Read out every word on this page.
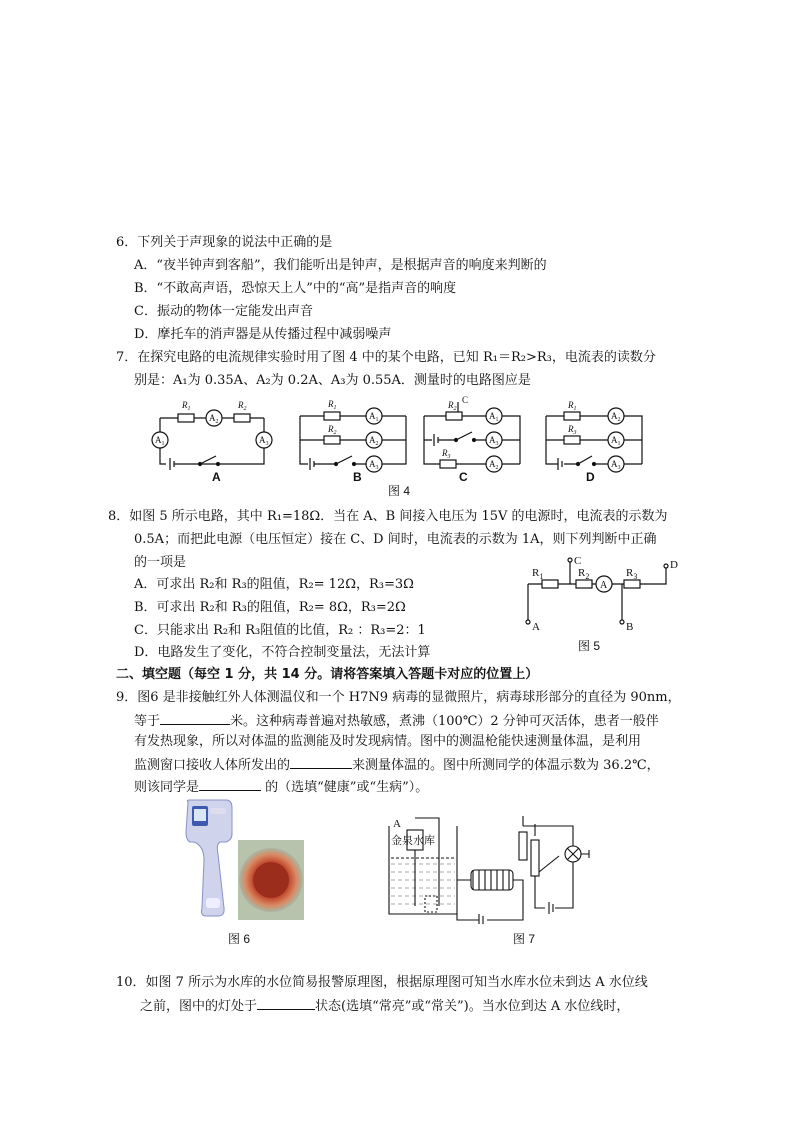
6．下列关于声现象的说法中正确的是
A．“夜半钟声到客船”，我们能听出是钟声，是根据声音的响度来判断的
B．“不敢高声语，恐惊天上人”中的“高”是指声音的响度
C．振动的物体一定能发出声音
D．摩托车的消声器是从传播过程中减弱噪声
7．在探究电路的电流规律实验时用了图 4 中的某个电路，已知 R₁＝R₂>R₃，电流表的读数分
别是：A₁为 0.35A、A₂为 0.2A、A₃为 0.55A．测量时的电路图应是
$R_1$	$R_2$
$A_2$
$A_1$	$A_3$
$R_1$
$R_2$
$A_1$
$A_2$
$A_3$
$R_2$
C
$R_3$
$A_1$
$A_3$
$A_2$
$R_1$
$R_3$
$A_2$
$A_1$
$A_3$
A	B	C	D
图 4
8．如图 5 所示电路，其中 R₁=18Ω．当在 A、B 间接入电压为 15V 的电源时，电流表的示数为
0.5A；而把此电源（电压恒定）接在 C、D 间时，电流表的示数为 1A，则下列判断中正确
的一项是
A．可求出 R₂和 R₃的阻值，R₂= 12Ω，R₃=3Ω
B．可求出 R₂和 R₃的阻值，R₂= 8Ω，R₃=2Ω
C．只能求出 R₂和 R₃阻值的比值，R₂ ：R₃=2：1
D．电路发生了变化，不符合控制变量法，无法计算
$R_1$	$R_2$	$R_3$
A
C	D
A	B
图 5
二、填空题（每空 1 分，共 14 分。请将答案填入答题卡对应的位置上）
9．图6 是非接触红外人体测温仪和一个 H7N9 病毒的显微照片，病毒球形部分的直径为 90nm，
等于	米。这种病毒普遍对热敏感，煮沸（100℃）2 分钟可灭活体，患者一般伴
有发热现象，所以对体温的监测能及时发现病情。图中的测温枪能快速测量体温，是利用
监测窗口接收人体所发出的	来测量体温的。图中所测同学的体温示数为 36.2℃，
则该同学是	的（选填“健康”或“生病”）。
图 6
A
金泉水库
图 7
10．如图 7 所示为水库的水位简易报警原理图，根据原理图可知当水库水位未到达 A 水位线
之前，图中的灯处于	状态(选填“常亮”或“常关”)。当水位到达 A 水位线时，
